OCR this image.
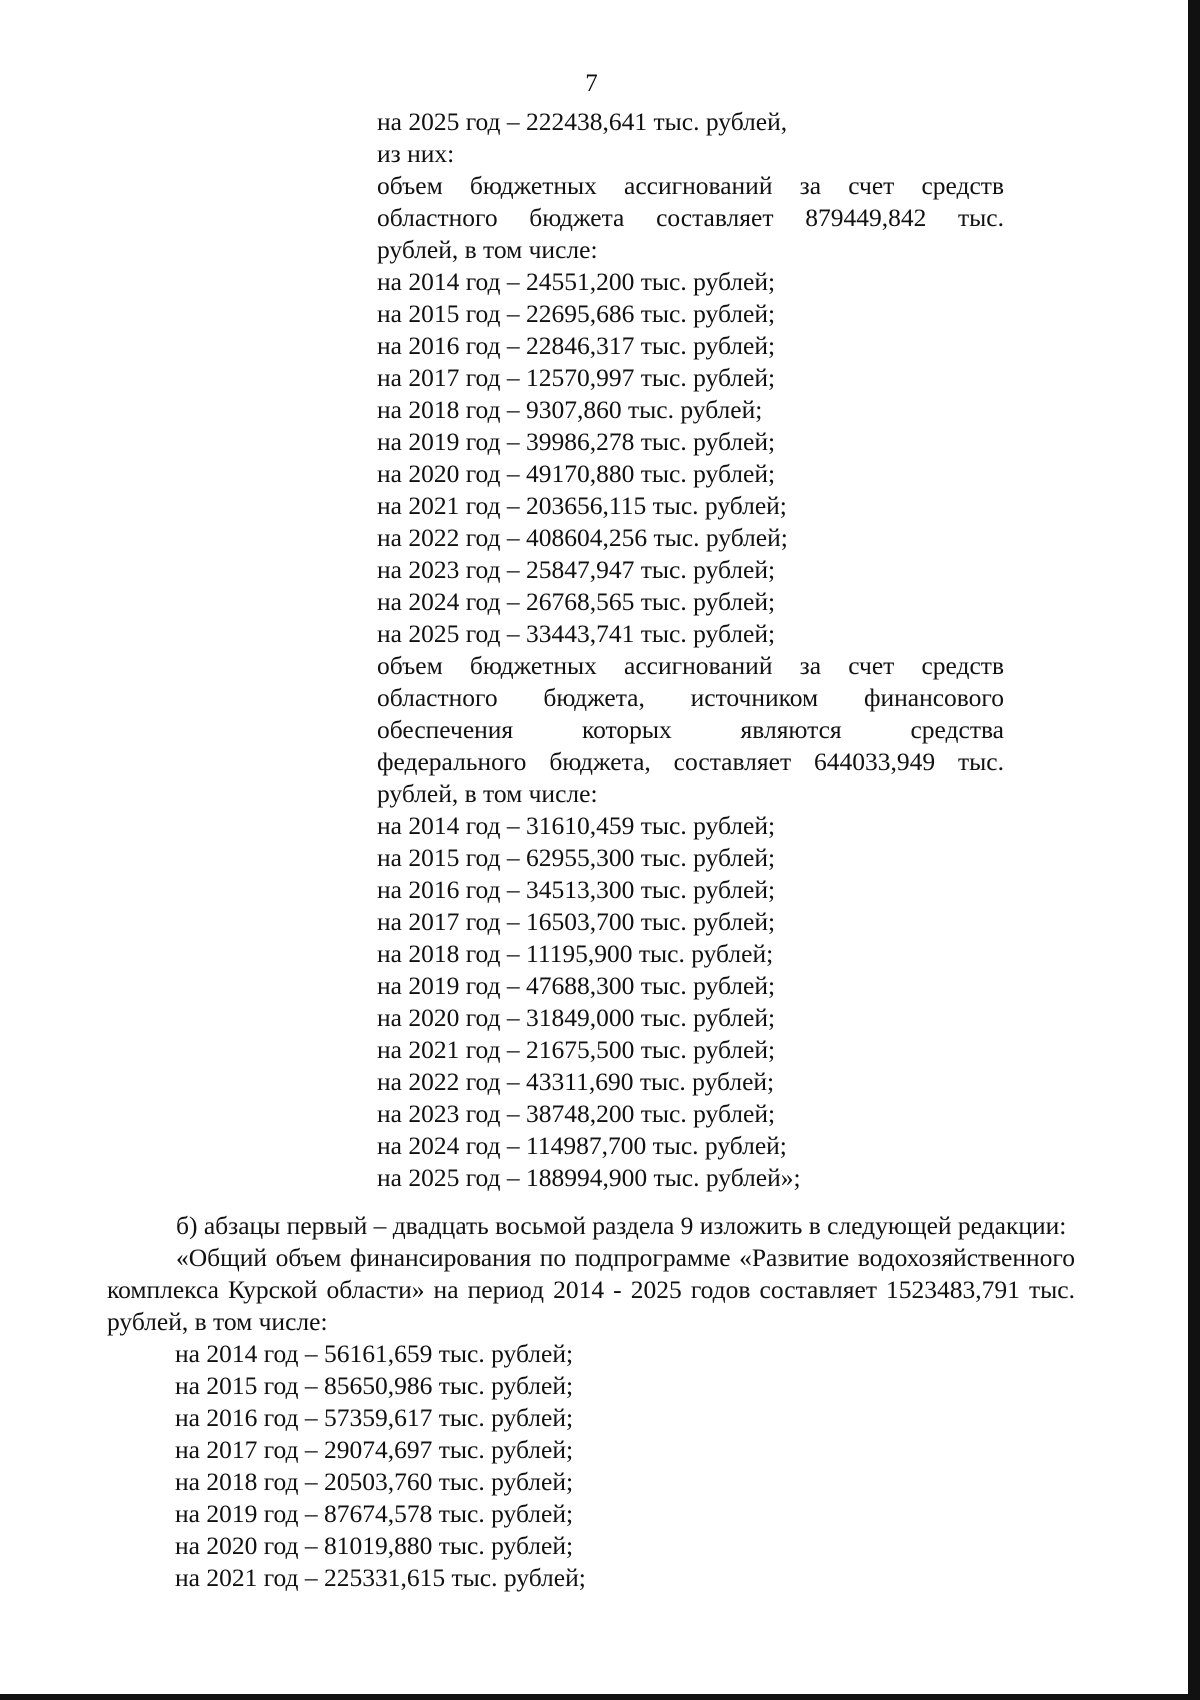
7
на 2025 год – 222438,641 тыс. рублей,
из них:
объем бюджетных ассигнований за счет средств
областного бюджета составляет 879449,842 тыс.
рублей, в том числе:
на 2014 год – 24551,200 тыс. рублей;
на 2015 год – 22695,686 тыс. рублей;
на 2016 год – 22846,317 тыс. рублей;
на 2017 год – 12570,997 тыс. рублей;
на 2018 год – 9307,860 тыс. рублей;
на 2019 год – 39986,278 тыс. рублей;
на 2020 год – 49170,880 тыс. рублей;
на 2021 год – 203656,115 тыс. рублей;
на 2022 год – 408604,256 тыс. рублей;
на 2023 год – 25847,947 тыс. рублей;
на 2024 год – 26768,565 тыс. рублей;
на 2025 год – 33443,741 тыс. рублей;
объем бюджетных ассигнований за счет средств
областного бюджета, источником финансового
обеспечения которых являются средства
федерального бюджета, составляет 644033,949 тыс.
рублей, в том числе:
на 2014 год – 31610,459 тыс. рублей;
на 2015 год – 62955,300 тыс. рублей;
на 2016 год – 34513,300 тыс. рублей;
на 2017 год – 16503,700 тыс. рублей;
на 2018 год – 11195,900 тыс. рублей;
на 2019 год – 47688,300 тыс. рублей;
на 2020 год – 31849,000 тыс. рублей;
на 2021 год – 21675,500 тыс. рублей;
на 2022 год – 43311,690 тыс. рублей;
на 2023 год – 38748,200 тыс. рублей;
на 2024 год – 114987,700 тыс. рублей;
на 2025 год – 188994,900 тыс. рублей»;

б) абзацы первый – двадцать восьмой раздела 9 изложить в следующей редакции:

«Общий объем финансирования по подпрограмме «Развитие водохозяйственного комплекса Курской области» на период 2014 - 2025 годов составляет 1523483,791 тыс. рублей, в том числе:

на 2014 год – 56161,659 тыс. рублей;
на 2015 год – 85650,986 тыс. рублей;
на 2016 год – 57359,617 тыс. рублей;
на 2017 год – 29074,697 тыс. рублей;
на 2018 год – 20503,760 тыс. рублей;
на 2019 год – 87674,578 тыс. рублей;
на 2020 год – 81019,880 тыс. рублей;
на 2021 год – 225331,615 тыс. рублей;
